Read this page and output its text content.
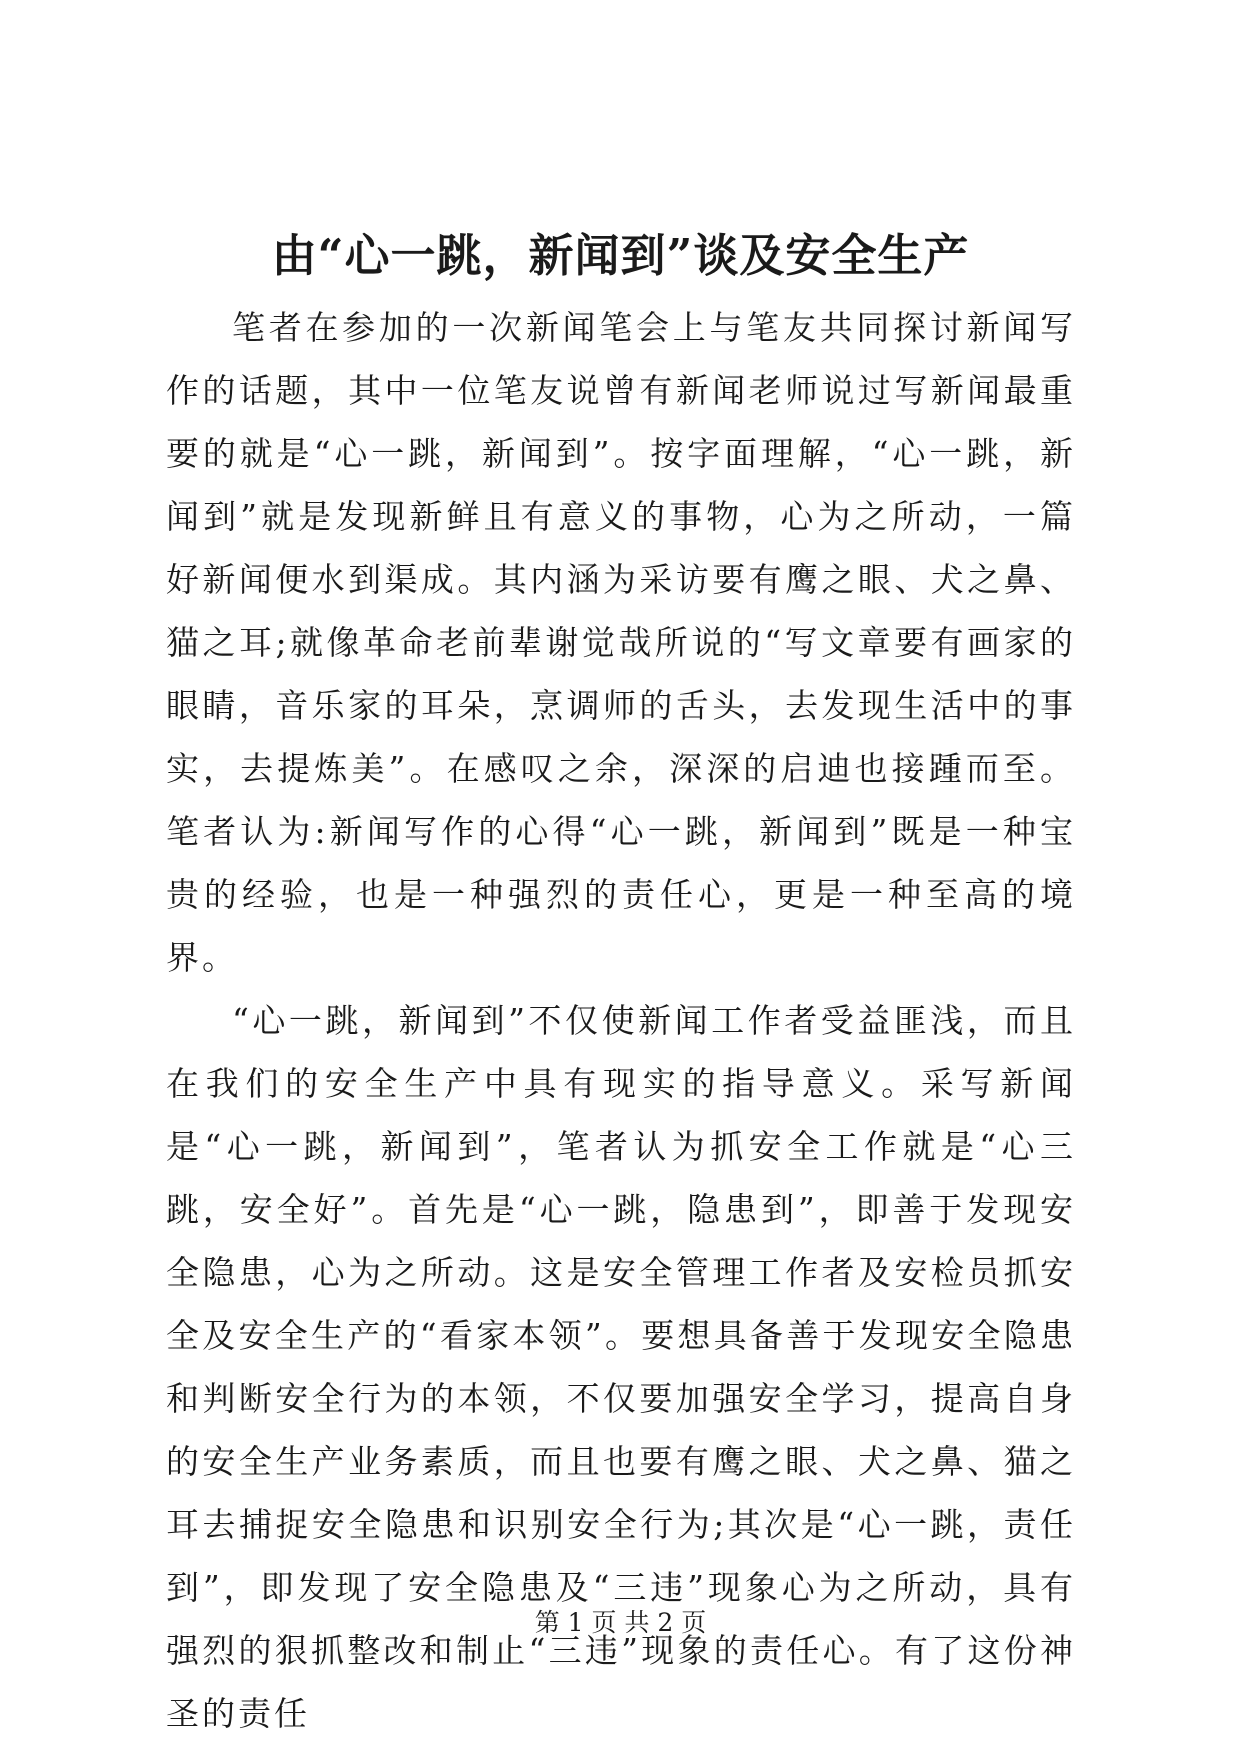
由“心一跳，新闻到”谈及安全生产

笔者在参加的一次新闻笔会上与笔友共同探讨新闻写作的话题，其中一位笔友说曾有新闻老师说过写新闻最重要的就是“心一跳，新闻到”。按字面理解，“心一跳，新闻到”就是发现新鲜且有意义的事物，心为之所动，一篇好新闻便水到渠成。其内涵为采访要有鹰之眼、犬之鼻、猫之耳;就像革命老前辈谢觉哉所说的“写文章要有画家的眼睛，音乐家的耳朵，烹调师的舌头，去发现生活中的事实，去提炼美”。在感叹之余，深深的启迪也接踵而至。笔者认为:新闻写作的心得“心一跳，新闻到”既是一种宝贵的经验，也是一种强烈的责任心，更是一种至高的境界。

“心一跳，新闻到”不仅使新闻工作者受益匪浅，而且在我们的安全生产中具有现实的指导意义。采写新闻是“心一跳，新闻到”，笔者认为抓安全工作就是“心三跳，安全好”。首先是“心一跳，隐患到”，即善于发现安全隐患，心为之所动。这是安全管理工作者及安检员抓安全及安全生产的“看家本领”。要想具备善于发现安全隐患和判断安全行为的本领，不仅要加强安全学习，提高自身的安全生产业务素质，而且也要有鹰之眼、犬之鼻、猫之耳去捕捉安全隐患和识别安全行为;其次是“心一跳，责任到”，即发现了安全隐患及“三违”现象心为之所动，具有强烈的狠抓整改和制止“三违”现象的责任心。有了这份神圣的责任

第 1 页 共 2 页
